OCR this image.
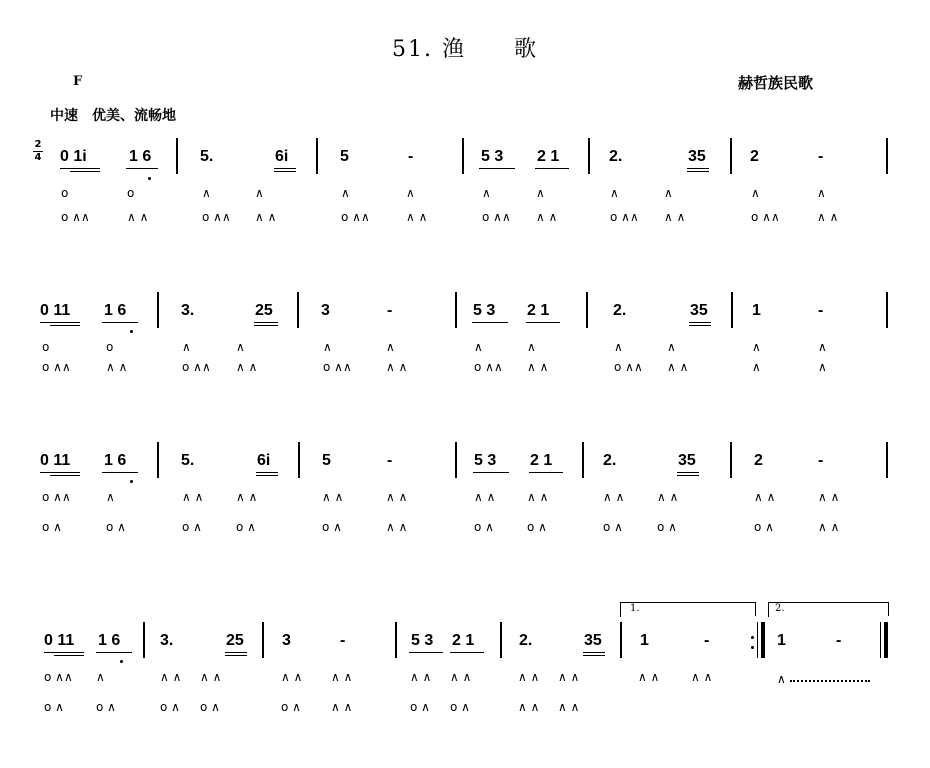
51. 渔　　歌
F	赫哲族民歌
中速　优美、流畅地
2
4 0 1i	1 6	5.	6i	5	-	5 3 2 1	2.	35	2	-
o	o	∧	∧	∧	∧	∧	∧	∧	∧	∧	∧
o ∧∧	∧ ∧	o ∧∧ ∧ ∧	o ∧∧	∧ ∧	o ∧∧ ∧ ∧	o ∧∧ ∧ ∧	o ∧∧	∧ ∧
0 11 1 6	3.	25	3	-	5 3 2 1	2.	35	1	-
o	o	∧	∧	∧	∧	∧	∧	∧	∧	∧	∧
o ∧∧	∧ ∧	o ∧∧ ∧ ∧	o ∧∧	∧ ∧	o ∧∧ ∧ ∧	o ∧∧ ∧ ∧	∧	∧
0 11 1 6	5.	6i	5	-	5 3 2 1	2.	35	2	-
o ∧∧	∧	∧ ∧	∧ ∧	∧ ∧	∧ ∧	∧ ∧	∧ ∧	∧ ∧	∧ ∧	∧ ∧	∧ ∧
o ∧	o ∧	o ∧	o ∧	o ∧	∧ ∧	o ∧	o ∧	o ∧	o ∧	o ∧	∧ ∧
1.	2.
0 11 1 6 3.	25 3	-	5 3 2 1	2.	35 1	-	1	-
o ∧∧ ∧	∧ ∧ ∧ ∧	∧ ∧ ∧ ∧	∧ ∧ ∧ ∧	∧ ∧ ∧ ∧	∧ ∧	∧ ∧	∧
o ∧	o ∧	o ∧ o ∧	o ∧	∧ ∧	o ∧ o ∧	∧ ∧ ∧ ∧
